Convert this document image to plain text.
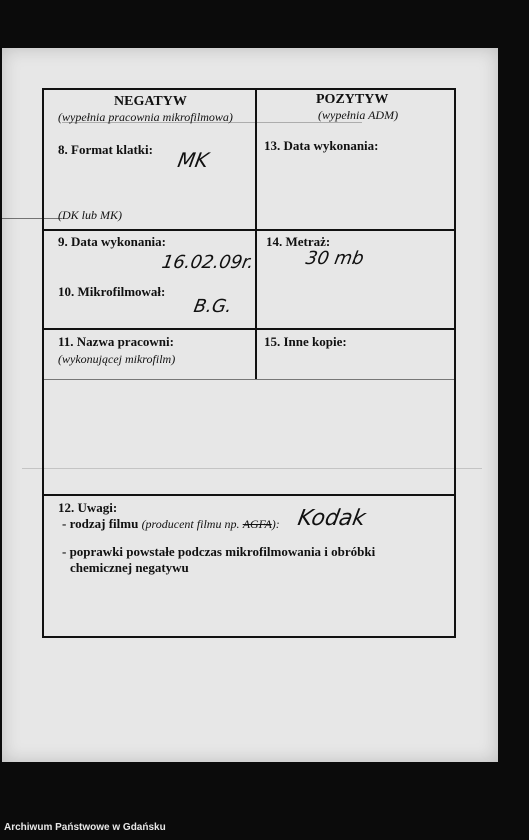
NEGATYW
(wypełnia pracownia mikrofilmowa)
8. Format klatki: MK
(DK lub MK)
9. Data wykonania:
16.02.09r.
10. Mikrofilmował:
B.G.
11. Nazwa pracowni:
(wykonującej mikrofilm)
POZYTYW
(wypełnia ADM)
13. Data wykonania:
14. Metraż:
30 mb
15. Inne kopie:
12. Uwagi:
- rodzaj filmu (producent filmu np. AGFA): Kodak
- poprawki powstałe podczas mikrofilmowania i obróbki
chemicznej negatywu
Archiwum Państwowe w Gdańsku
